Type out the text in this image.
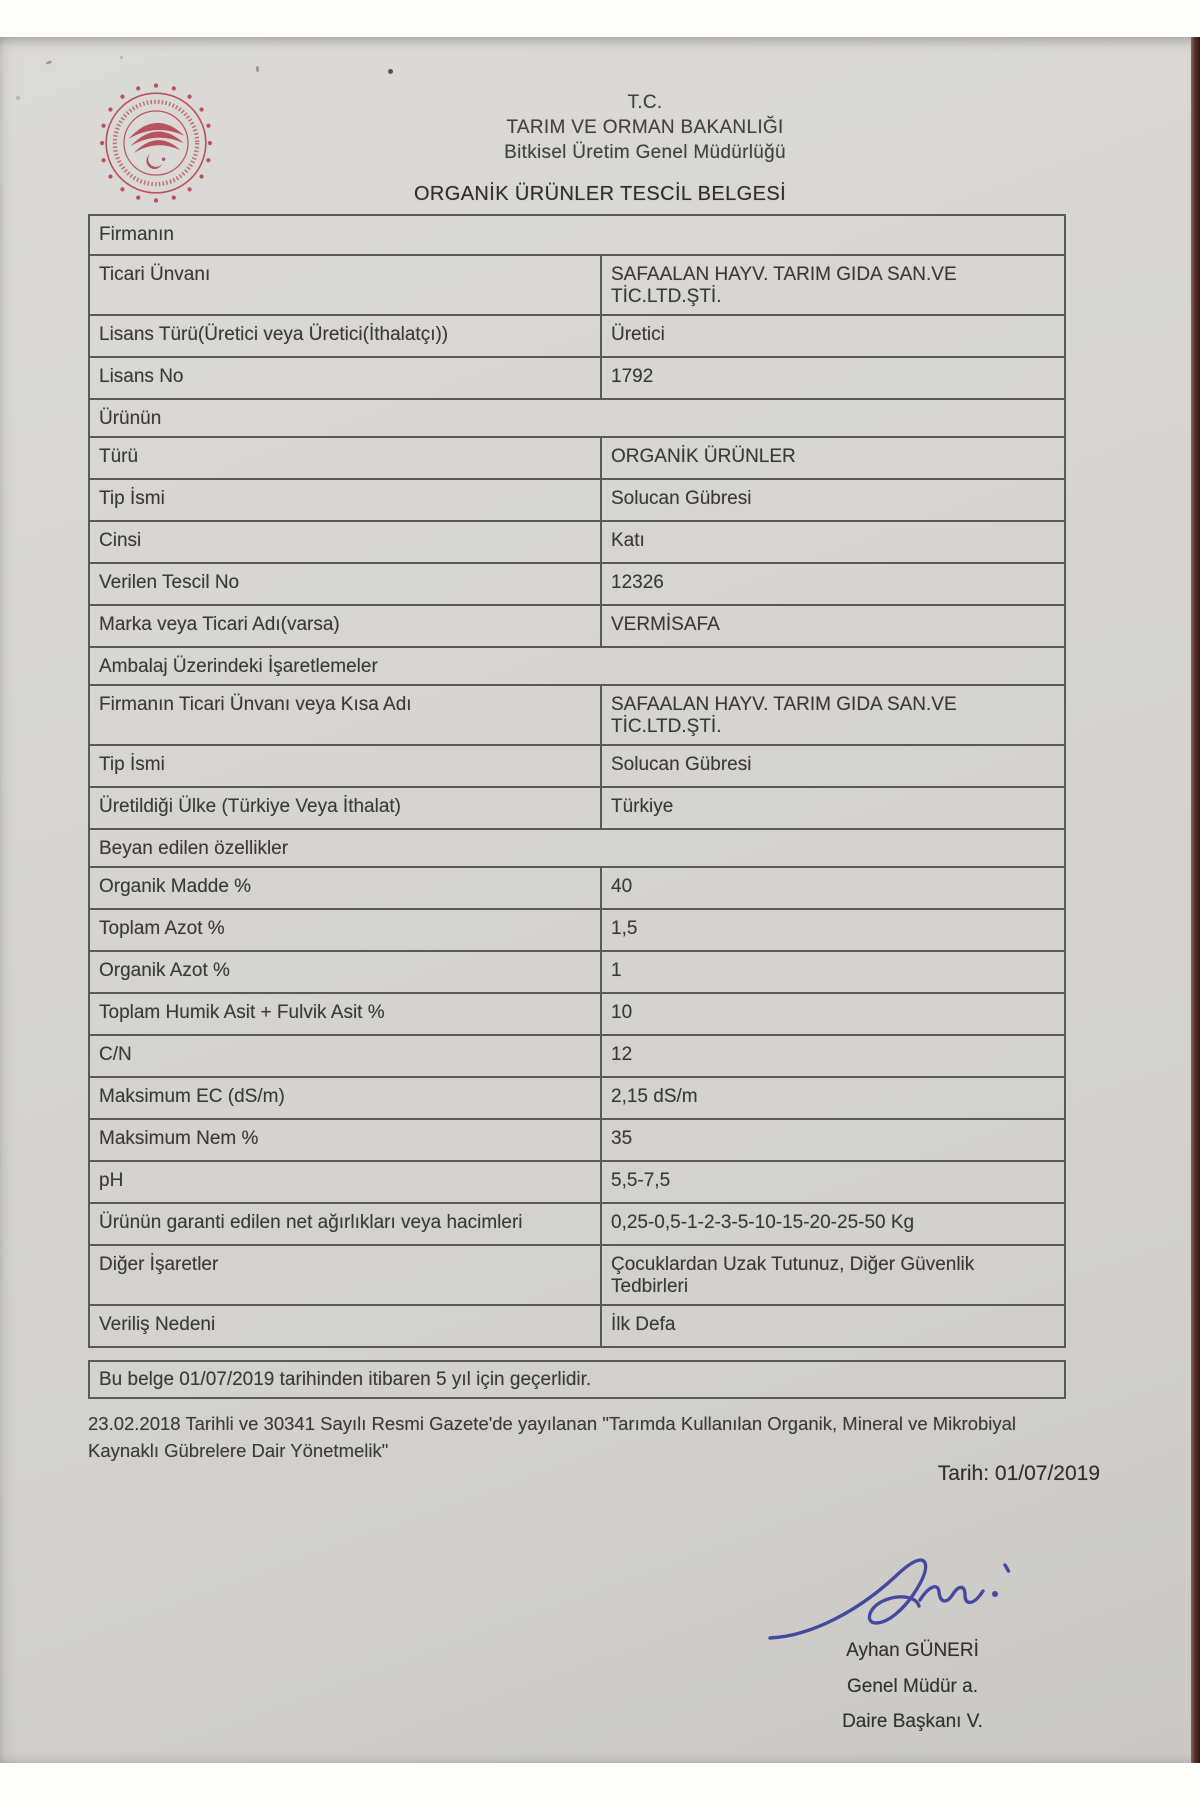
T.C.
TARIM VE ORMAN BAKANLIĞI
Bitkisel Üretim Genel Müdürlüğü
ORGANİK ÜRÜNLER TESCİL BELGESİ
Firmanın
Ticari Ünvanı	SAFAALAN HAYV. TARIM GIDA SAN.VE TİC.LTD.ŞTİ.
Lisans Türü(Üretici veya Üretici(İthalatçı))	Üretici
Lisans No	1792
Ürünün
Türü	ORGANİK ÜRÜNLER
Tip İsmi	Solucan Gübresi
Cinsi	Katı
Verilen Tescil No	12326
Marka veya Ticari Adı(varsa)	VERMİSAFA
Ambalaj Üzerindeki İşaretlemeler
Firmanın Ticari Ünvanı veya Kısa Adı	SAFAALAN HAYV. TARIM GIDA SAN.VE TİC.LTD.ŞTİ.
Tip İsmi	Solucan Gübresi
Üretildiği Ülke (Türkiye Veya İthalat)	Türkiye
Beyan edilen özellikler
Organik Madde %	40
Toplam Azot %	1,5
Organik Azot %	1
Toplam Humik Asit + Fulvik Asit %	10
C/N	12
Maksimum EC (dS/m)	2,15 dS/m
Maksimum Nem %	35
pH	5,5-7,5
Ürünün garanti edilen net ağırlıkları veya hacimleri	0,25-0,5-1-2-3-5-10-15-20-25-50 Kg
Diğer İşaretler	Çocuklardan Uzak Tutunuz, Diğer Güvenlik Tedbirleri
Veriliş Nedeni	İlk Defa
Bu belge 01/07/2019 tarihinden itibaren 5 yıl için geçerlidir.
23.02.2018 Tarihli ve 30341 Sayılı Resmi Gazete'de yayılanan "Tarımda Kullanılan Organik, Mineral ve Mikrobiyal Kaynaklı Gübrelere Dair Yönetmelik"
Tarih: 01/07/2019
Ayhan GÜNERİ
Genel Müdür a.
Daire Başkanı V.
